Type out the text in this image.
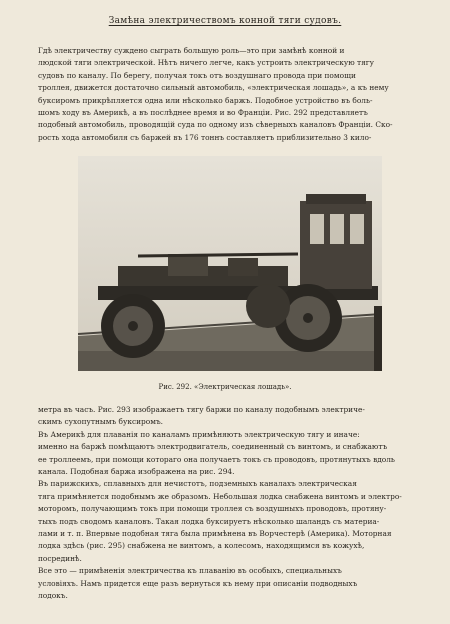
Замѣна электричествомъ конной тяги судовъ.

Гдѣ электричеству суждено сыграть большую роль—это при замѣнѣ конной и
людской тяги электрической. Нѣтъ ничего легче, какъ устроить электрическую тягу
судовъ по каналу. По берегу, получая токъ отъ воздушнаго провода при помощи
троллея, движется достаточно сильный автомобиль, «электрическая лошадь», а къ нему
буксиромъ прикрѣпляется одна или нѣсколько баржъ. Подобное устройство въ боль-
шомъ ходу въ Америкѣ, а въ послѣднее время и во Франціи. Рис. 292 представляетъ
подобный автомобиль, проводящій суда по одному изъ сѣверныхъ каналовъ Франціи. Ско-
рость хода автомобиля съ баржей въ 176 тоннъ составляетъ приблизительно 3 кило-

Рис. 292. «Электрическая лошадь».

метра въ часъ. Рис. 293 изображаетъ тягу баржи по каналу подобнымъ электриче-
скимъ сухопутнымъ буксиромъ.
Въ Америкѣ для плаванія по каналамъ примѣняютъ электрическую тягу и иначе:
именно на баржѣ помѣщаютъ электродвигатель, соединенный съ винтомъ, и снабжаютъ
ее троллеемъ, при помощи котораго она получаетъ токъ съ проводовъ, протянутыхъ вдоль
канала. Подобная баржа изображена на рис. 294.
Въ парижскихъ, сплавныхъ для нечистотъ, подземныхъ каналахъ электрическая
тяга примѣняется подобнымъ же образомъ. Небольшая лодка снабжена винтомъ и электро-
моторомъ, получающимъ токъ при помощи троллея съ воздушныхъ проводовъ, протяну-
тыхъ подъ сводомъ каналовъ. Такая лодка буксируетъ нѣсколько шаландъ съ материа-
лами и т. п. Впервые подобная тяга была примѣнена въ Ворчестерѣ (Америка). Моторная
лодка здѣсь (рис. 295) снабжена не винтомъ, а колесомъ, находящимся въ кожухѣ,
посрединѣ.
Все это — примѣненія электричества къ плаванію въ особыхъ, специальныхъ
условіяхъ. Намъ придется еще разъ вернуться къ нему при описаніи подводныхъ
лодокъ.
